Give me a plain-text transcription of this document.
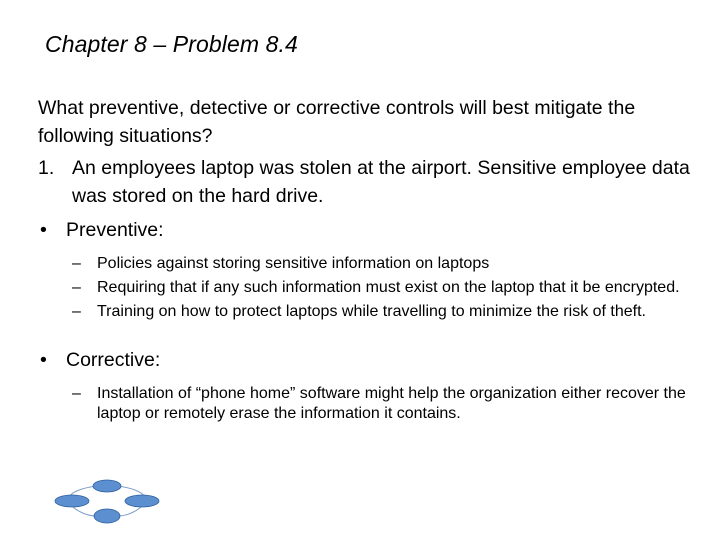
Chapter 8 – Problem 8.4

What preventive, detective or corrective controls will best mitigate the following situations?

1. An employees laptop was stolen at the airport. Sensitive employee data was stored on the hard drive.
• Preventive:
–	Policies against storing sensitive information on laptops
–	Requiring that if any such information must exist on the laptop that it be encrypted.
–	Training on how to protect laptops while travelling to minimize the risk of theft.
• Corrective:
–	Installation of “phone home” software might help the organization either recover the laptop or remotely erase the information it contains.
